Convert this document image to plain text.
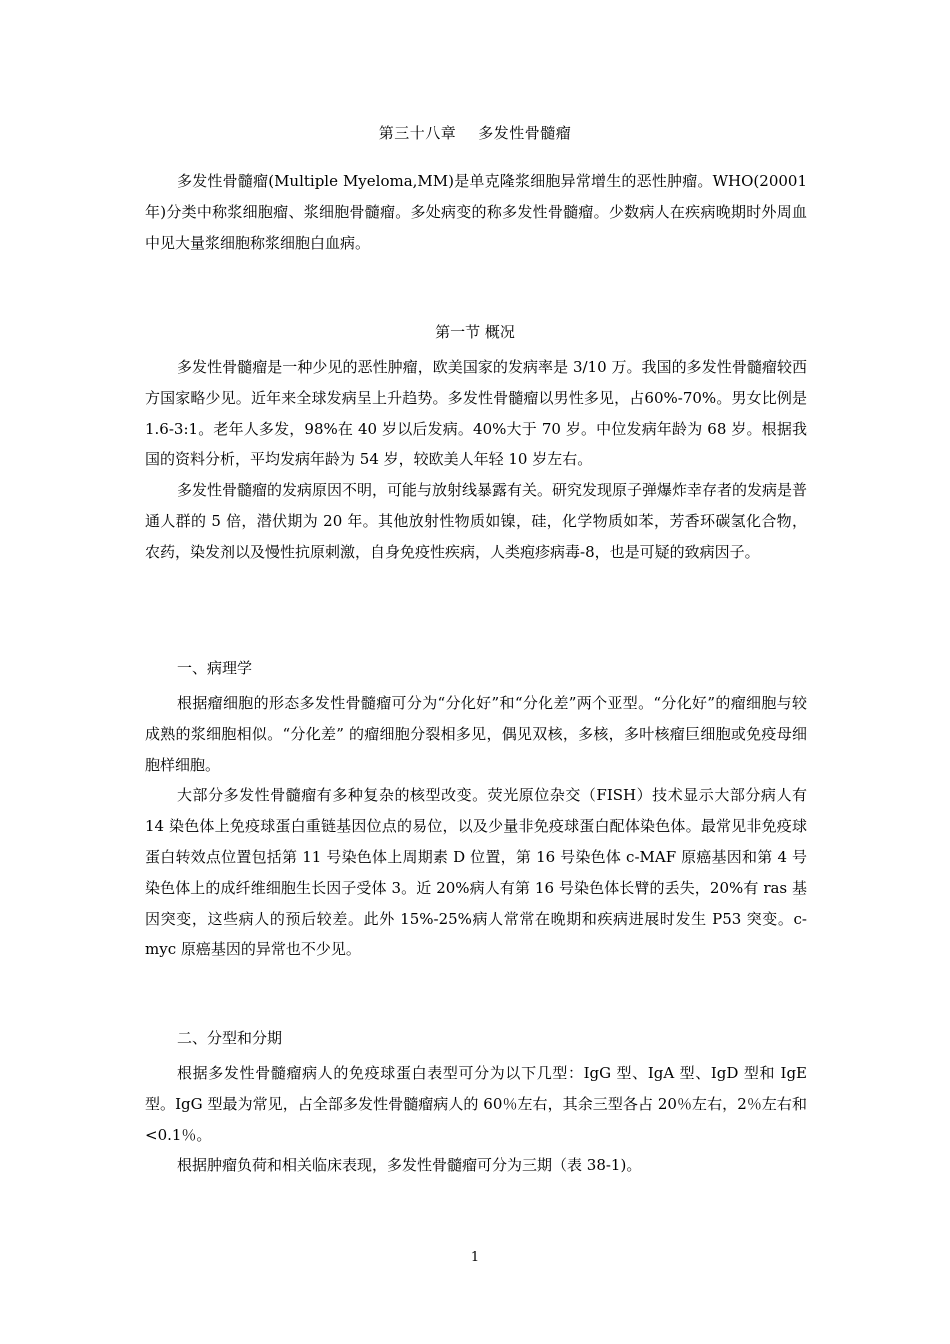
第三十八章 多发性骨髓瘤

多发性骨髓瘤(Multiple Myeloma,MM)是单克隆浆细胞异常增生的恶性肿瘤。WHO(20001 年)分类中称浆细胞瘤、浆细胞骨髓瘤。多处病变的称多发性骨髓瘤。少数病人在疾病晚期时外周血中见大量浆细胞称浆细胞白血病。

第一节 概况

多发性骨髓瘤是一种少见的恶性肿瘤，欧美国家的发病率是 3/10 万。我国的多发性骨髓瘤较西方国家略少见。近年来全球发病呈上升趋势。多发性骨髓瘤以男性多见，占60%-70%。男女比例是 1.6-3:1。老年人多发，98%在 40 岁以后发病。40%大于 70 岁。中位发病年龄为 68 岁。根据我国的资料分析，平均发病年龄为 54 岁，较欧美人年轻 10 岁左右。

多发性骨髓瘤的发病原因不明，可能与放射线暴露有关。研究发现原子弹爆炸幸存者的发病是普通人群的 5 倍，潜伏期为 20 年。其他放射性物质如镍，硅，化学物质如苯，芳香环碳氢化合物，农药，染发剂以及慢性抗原刺激，自身免疫性疾病，人类疱疹病毒-8，也是可疑的致病因子。

一、病理学

根据瘤细胞的形态多发性骨髓瘤可分为“分化好”和“分化差”两个亚型。“分化好”的瘤细胞与较成熟的浆细胞相似。“分化差” 的瘤细胞分裂相多见，偶见双核，多核，多叶核瘤巨细胞或免疫母细胞样细胞。

大部分多发性骨髓瘤有多种复杂的核型改变。荧光原位杂交（FISH）技术显示大部分病人有 14 染色体上免疫球蛋白重链基因位点的易位，以及少量非免疫球蛋白配体染色体。最常见非免疫球蛋白转效点位置包括第 11 号染色体上周期素 D 位置，第 16 号染色体 c-MAF 原癌基因和第 4 号染色体上的成纤维细胞生长因子受体 3。近 20%病人有第 16 号染色体长臂的丢失，20%有 ras 基因突变，这些病人的预后较差。此外 15%-25%病人常常在晚期和疾病进展时发生 P53 突变。c-myc 原癌基因的异常也不少见。

二、分型和分期

根据多发性骨髓瘤病人的免疫球蛋白表型可分为以下几型：IgG 型、IgA 型、IgD 型和 IgE 型。IgG 型最为常见，占全部多发性骨髓瘤病人的 60％左右，其余三型各占 20％左右，2％左右和<0.1％。

根据肿瘤负荷和相关临床表现，多发性骨髓瘤可分为三期（表 38-1)。

1
